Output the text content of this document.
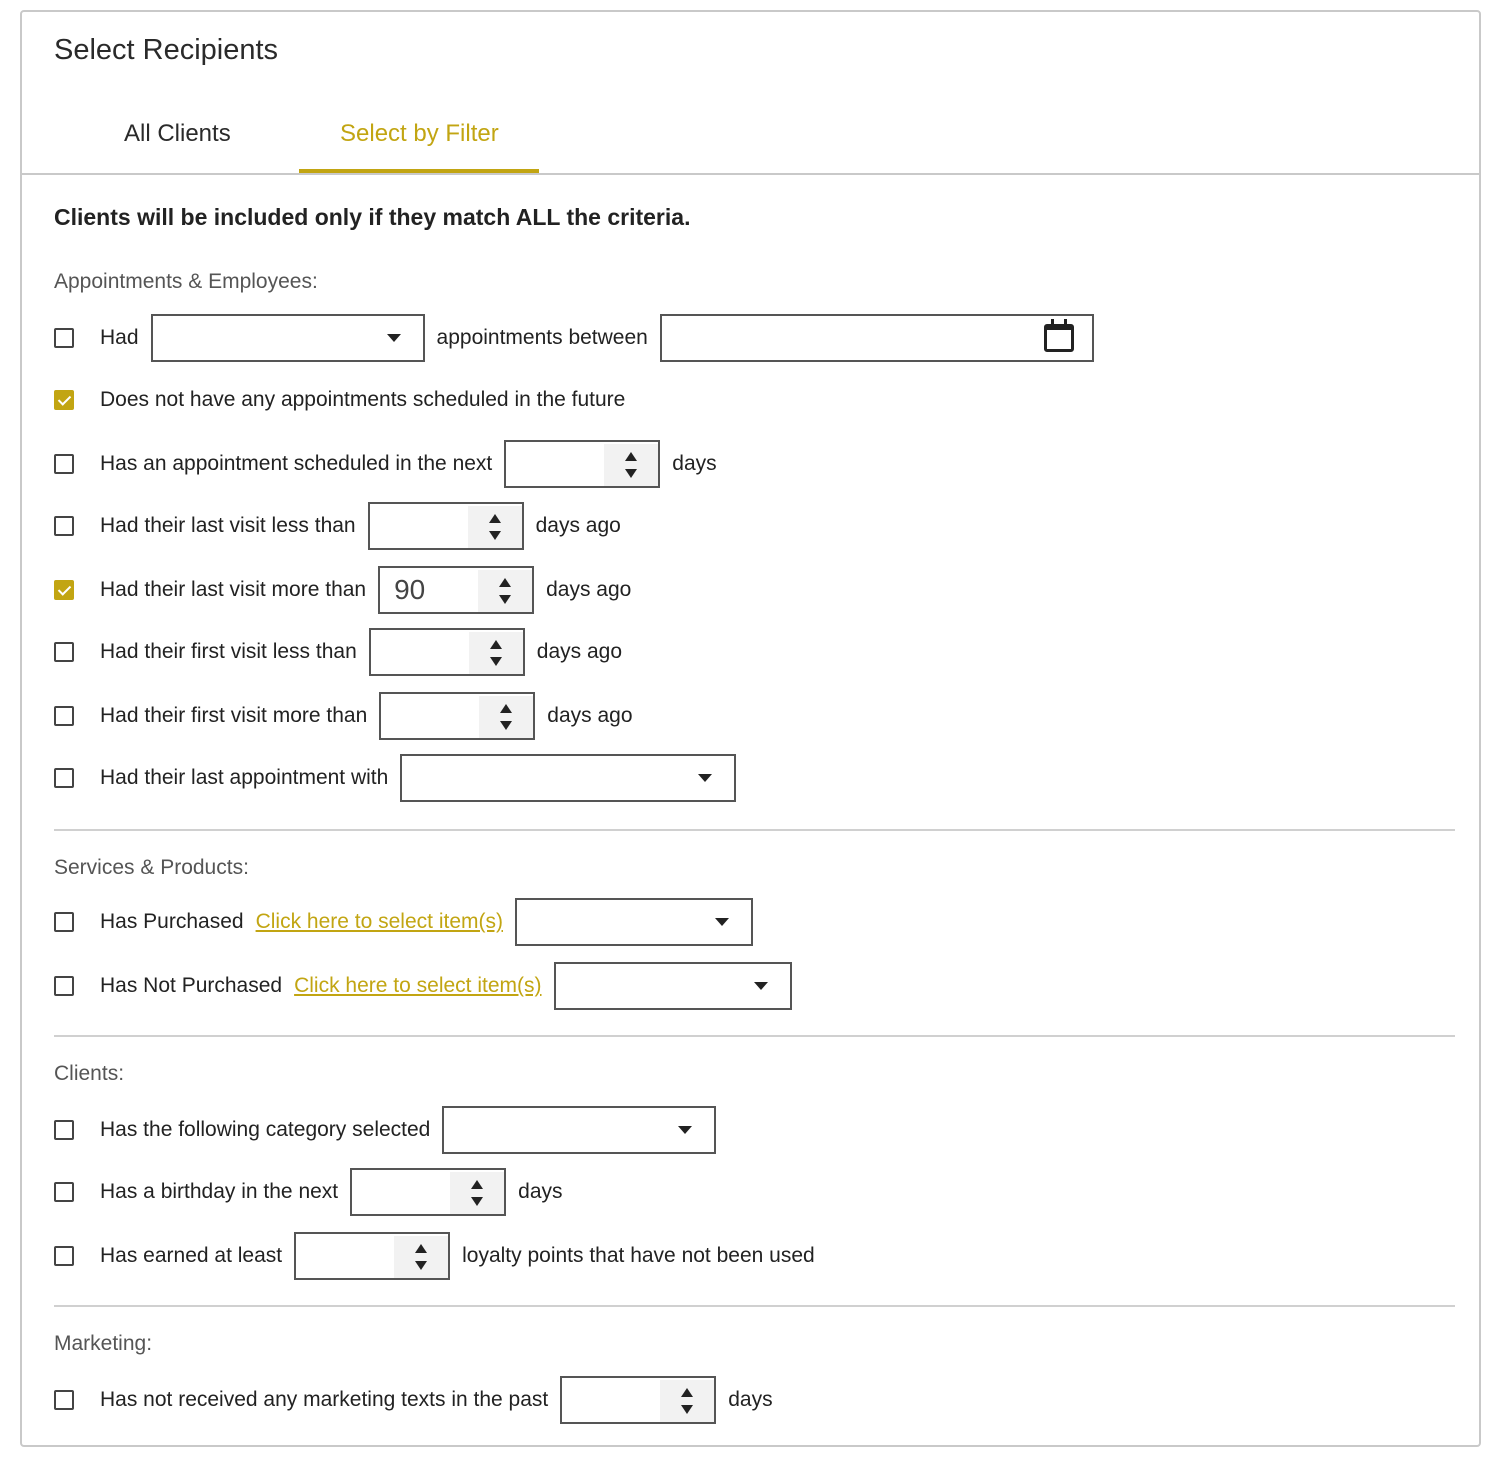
Select Recipients
All Clients	Select by Filter
Clients will be included only if they match ALL the criteria.
Appointments & Employees:
Had	appointments between
Does not have any appointments scheduled in the future
Has an appointment scheduled in the next	days
Had their last visit less than	days ago
Had their last visit more than	90	days ago
Had their first visit less than	days ago
Had their first visit more than	days ago
Had their last appointment with
Services & Products:
Has Purchased Click here to select item(s)
Has Not Purchased Click here to select item(s)
Clients:
Has the following category selected
Has a birthday in the next	days
Has earned at least	loyalty points that have not been used
Marketing:
Has not received any marketing texts in the past	days
